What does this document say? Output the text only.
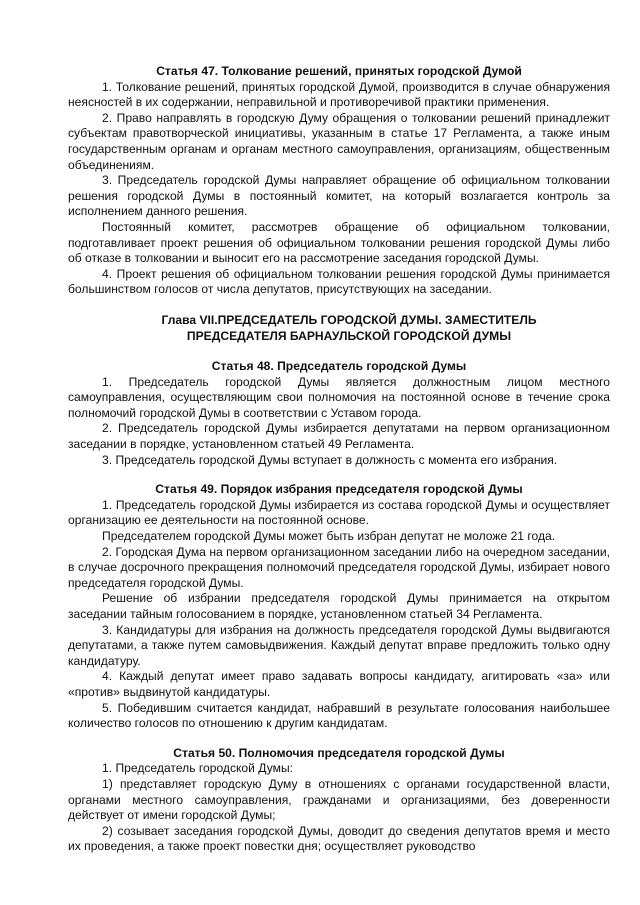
Статья 47. Толкование решений, принятых городской Думой

1. Толкование решений, принятых городской Думой, производится в случае обнаружения неясностей в их содержании, неправильной и противоречивой практики применения.

2. Право направлять в городскую Думу обращения о толковании решений принадлежит субъектам правотворческой инициативы, указанным в статье 17 Регламента, а также иным государственным органам и органам местного самоуправления, организациям, общественным объединениям.

3. Председатель городской Думы направляет обращение об официальном толковании решения городской Думы в постоянный комитет, на который возлагается контроль за исполнением данного решения.

Постоянный комитет, рассмотрев обращение об официальном толковании, подготавливает проект решения об официальном толковании решения городской Думы либо об отказе в толковании и выносит его на рассмотрение заседания городской Думы.

4. Проект решения об официальном толковании решения городской Думы принимается большинством голосов от числа депутатов, присутствующих на заседании.

Глава VII.ПРЕДСЕДАТЕЛЬ ГОРОДСКОЙ ДУМЫ. ЗАМЕСТИТЕЛЬ

ПРЕДСЕДАТЕЛЯ БАРНАУЛЬСКОЙ ГОРОДСКОЙ ДУМЫ

Статья 48. Председатель городской Думы

1. Председатель городской Думы является должностным лицом местного самоуправления, осуществляющим свои полномочия на постоянной основе в течение срока полномочий городской Думы в соответствии с Уставом города.

2. Председатель городской Думы избирается депутатами на первом организационном заседании в порядке, установленном статьей 49 Регламента.

3. Председатель городской Думы вступает в должность с момента его избрания.

Статья 49. Порядок избрания председателя городской Думы

1. Председатель городской Думы избирается из состава городской Думы и осуществляет организацию ее деятельности на постоянной основе.

Председателем городской Думы может быть избран депутат не моложе 21 года.

2. Городская Дума на первом организационном заседании либо на очередном заседании, в случае досрочного прекращения полномочий председателя городской Думы, избирает нового председателя городской Думы.

Решение об избрании председателя городской Думы принимается на открытом заседании тайным голосованием в порядке, установленном статьей 34 Регламента.

3. Кандидатуры для избрания на должность председателя городской Думы выдвигаются депутатами, а также путем самовыдвижения. Каждый депутат вправе предложить только одну кандидатуру.

4. Каждый депутат имеет право задавать вопросы кандидату, агитировать «за» или «против» выдвинутой кандидатуры.

5. Победившим считается кандидат, набравший в результате голосования наибольшее количество голосов по отношению к другим кандидатам.

Статья 50. Полномочия председателя городской Думы

1. Председатель городской Думы:

1) представляет городскую Думу в отношениях с органами государственной власти, органами местного самоуправления, гражданами и организациями, без доверенности действует от имени городской Думы;

2) созывает заседания городской Думы, доводит до сведения депутатов время и место их проведения, а также проект повестки дня; осуществляет руководство
